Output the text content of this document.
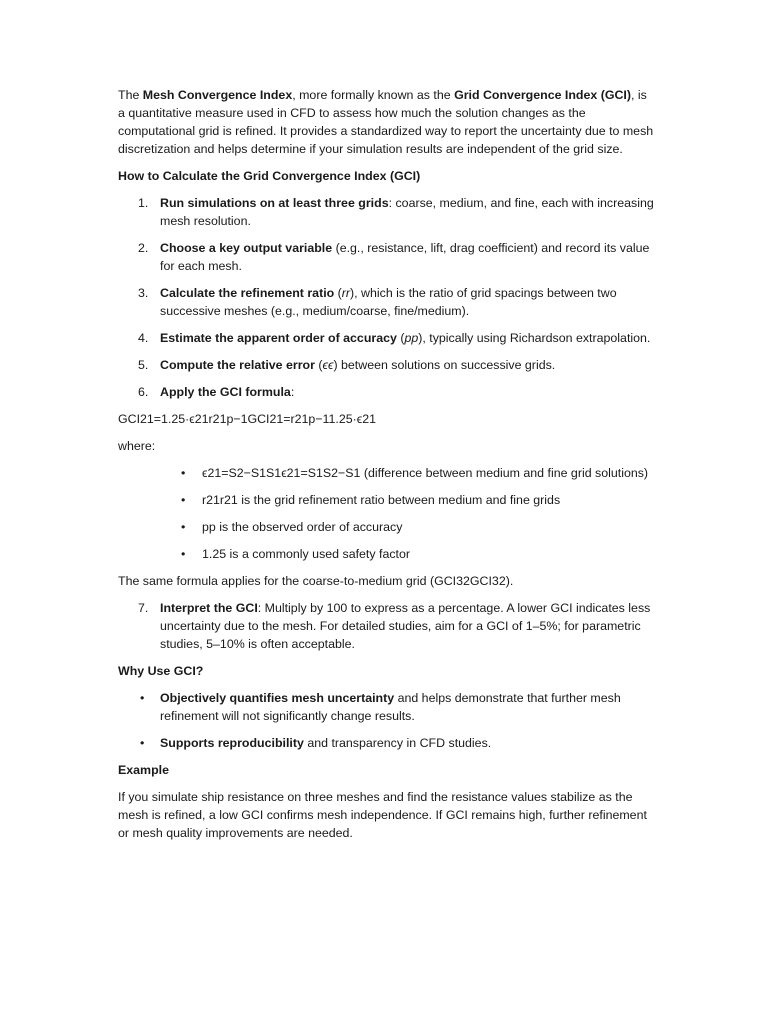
The Mesh Convergence Index, more formally known as the Grid Convergence Index (GCI), is a quantitative measure used in CFD to assess how much the solution changes as the computational grid is refined. It provides a standardized way to report the uncertainty due to mesh discretization and helps determine if your simulation results are independent of the grid size.

How to Calculate the Grid Convergence Index (GCI)

1. Run simulations on at least three grids: coarse, medium, and fine, each with increasing mesh resolution.
2. Choose a key output variable (e.g., resistance, lift, drag coefficient) and record its value for each mesh.
3. Calculate the refinement ratio (rr), which is the ratio of grid spacings between two successive meshes (e.g., medium/coarse, fine/medium).
4. Estimate the apparent order of accuracy (pp), typically using Richardson extrapolation.
5. Compute the relative error (ϵϵ) between solutions on successive grids.
6. Apply the GCI formula:

GCI21=1.25·ϵ21r21p−1GCI21=r21p−11.25·ϵ21

where:

• ϵ21=S2−S1S1ϵ21=S1S2−S1 (difference between medium and fine grid solutions)
• r21r21 is the grid refinement ratio between medium and fine grids
• pp is the observed order of accuracy
• 1.25 is a commonly used safety factor

The same formula applies for the coarse-to-medium grid (GCI32GCI32).

7. Interpret the GCI: Multiply by 100 to express as a percentage. A lower GCI indicates less uncertainty due to the mesh. For detailed studies, aim for a GCI of 1–5%; for parametric studies, 5–10% is often acceptable.

Why Use GCI?

• Objectively quantifies mesh uncertainty and helps demonstrate that further mesh refinement will not significantly change results.
• Supports reproducibility and transparency in CFD studies.

Example

If you simulate ship resistance on three meshes and find the resistance values stabilize as the mesh is refined, a low GCI confirms mesh independence. If GCI remains high, further refinement or mesh quality improvements are needed.
